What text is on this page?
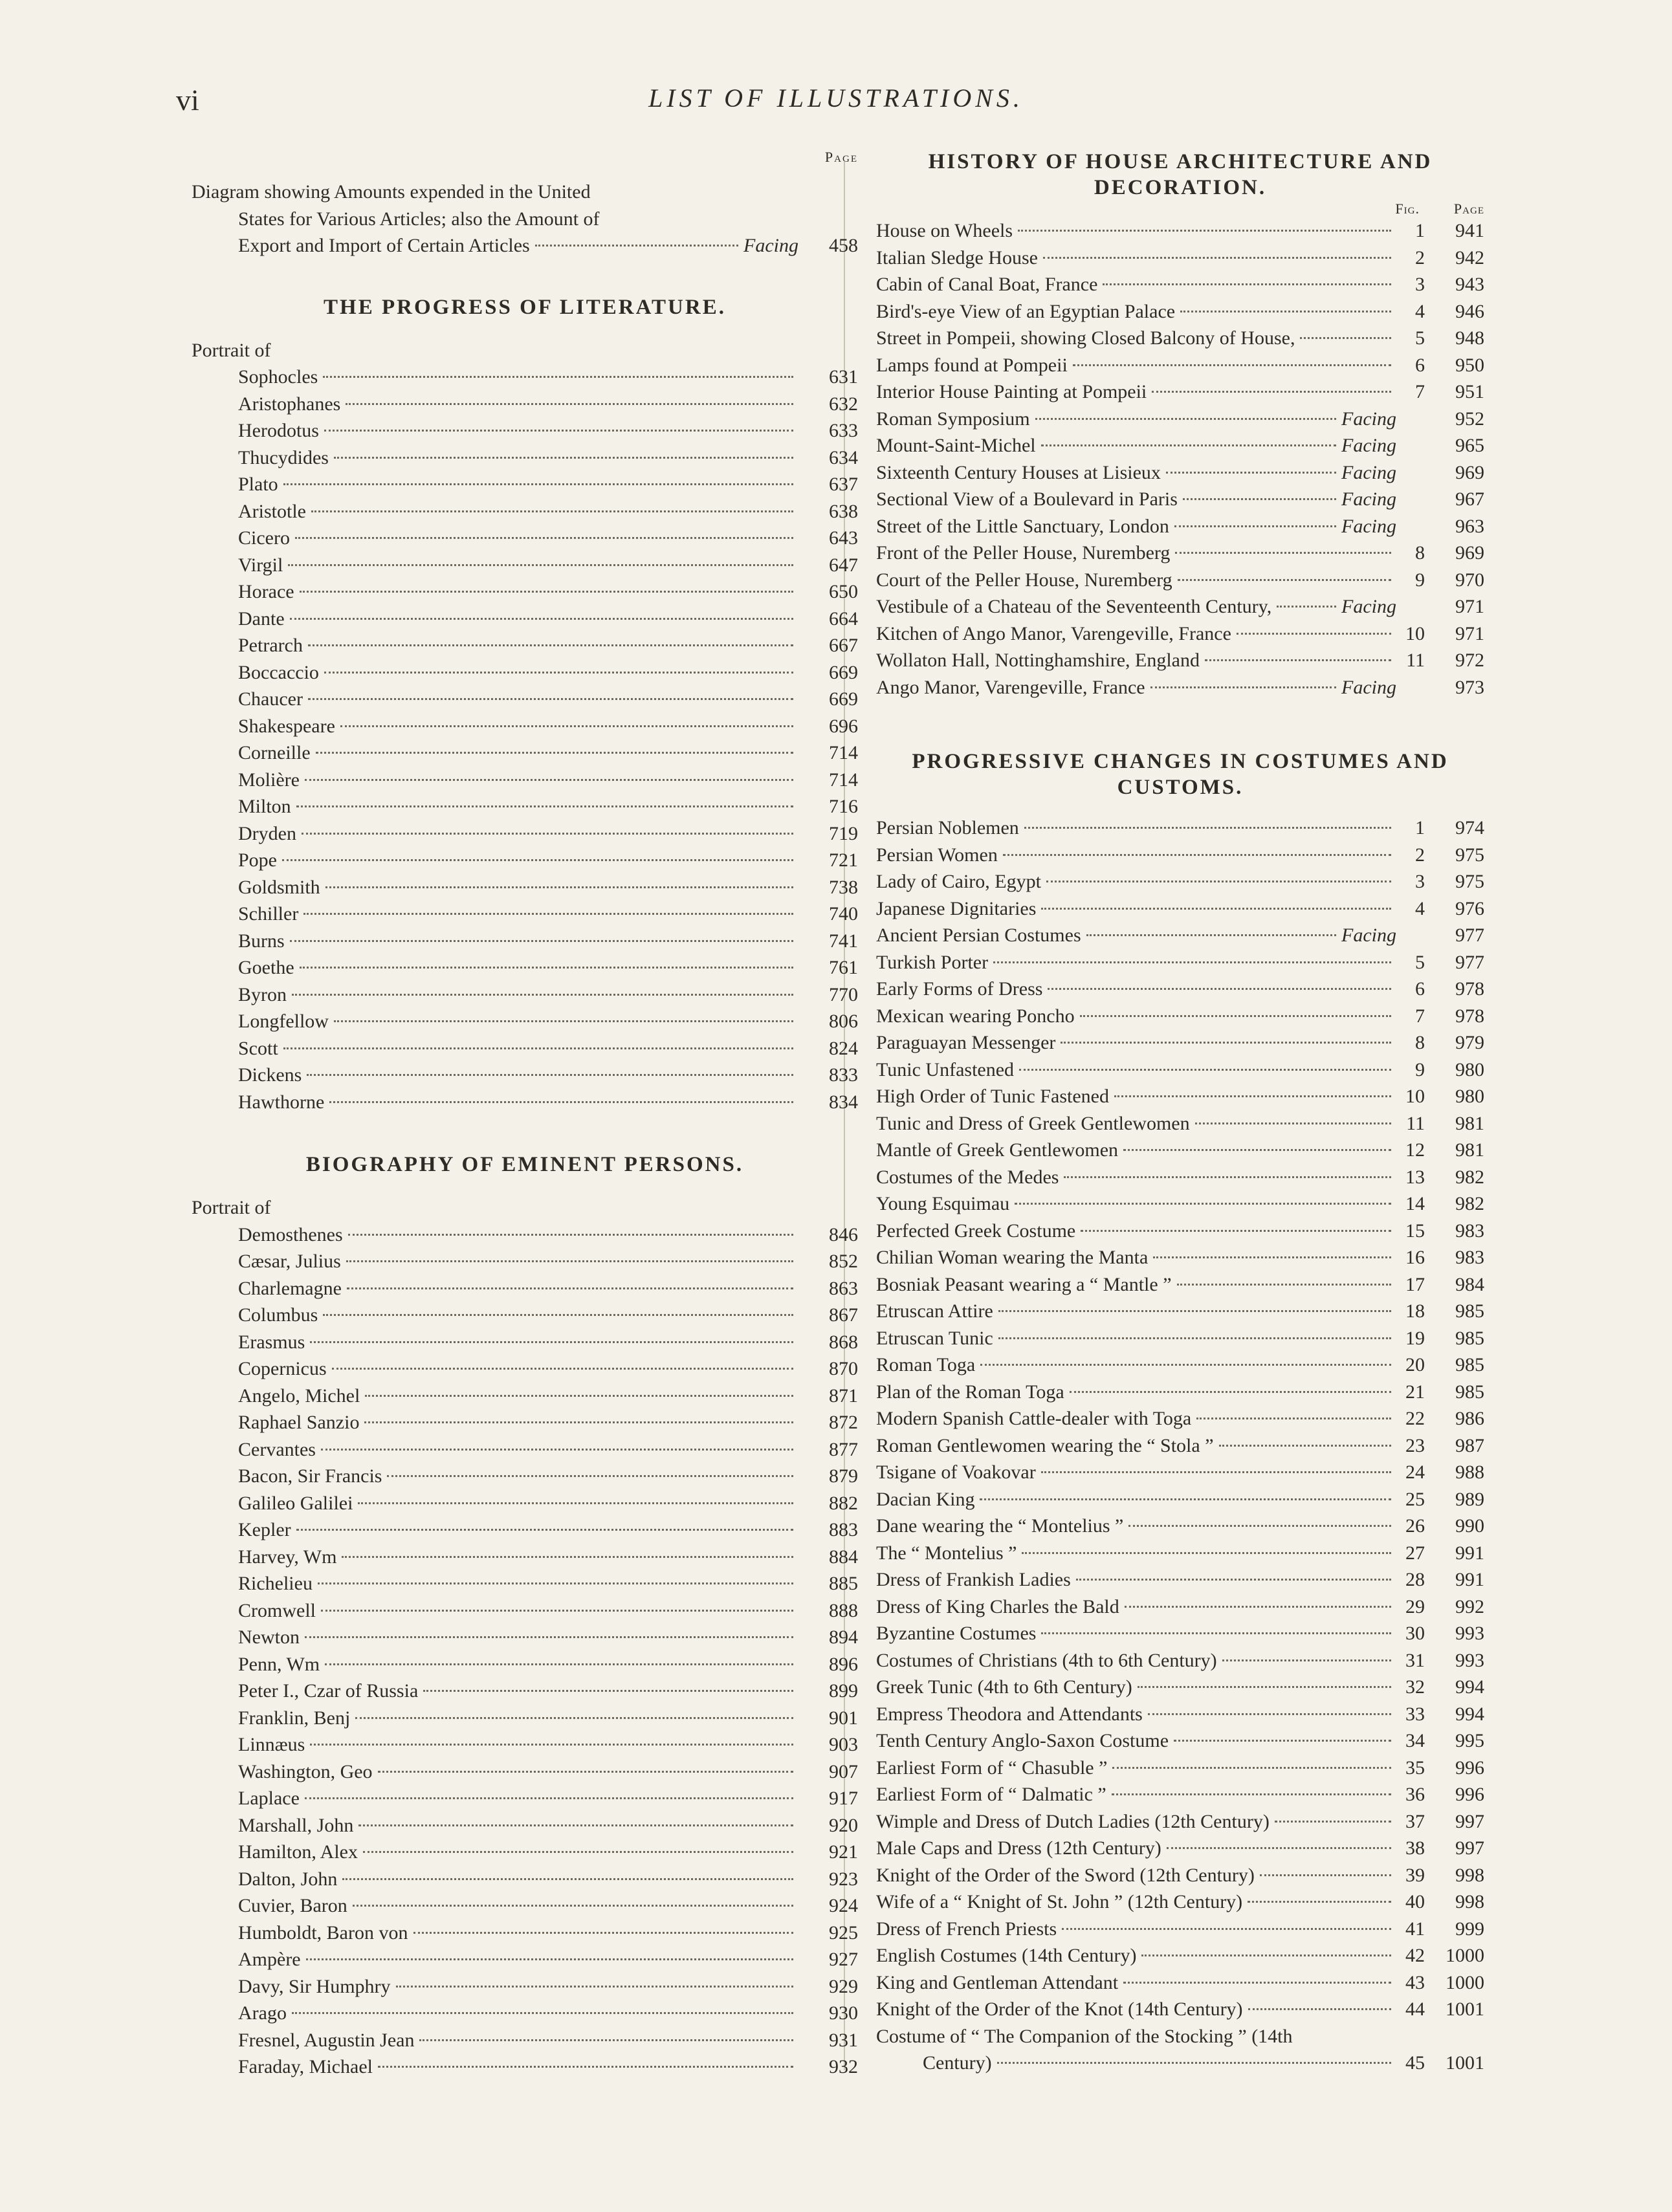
vi	LIST OF ILLUSTRATIONS.
Page
Diagram showing Amounts expended in the United
States for Various Articles; also the Amount of
Export and Import of Certain Articles	Facing	458
THE PROGRESS OF LITERATURE.
Portrait of
Sophocles	631
Aristophanes	632
Herodotus	633
Thucydides	634
Plato	637
Aristotle	638
Cicero	643
Virgil	647
Horace	650
Dante	664
Petrarch	667
Boccaccio	669
Chaucer	669
Shakespeare	696
Corneille	714
Molière	714
Milton	716
Dryden	719
Pope	721
Goldsmith	738
Schiller	740
Burns	741
Goethe	761
Byron	770
Longfellow	806
Scott	824
Dickens	833
Hawthorne	834
BIOGRAPHY OF EMINENT PERSONS.
Portrait of
Demosthenes	846
Cæsar, Julius	852
Charlemagne	863
Columbus	867
Erasmus	868
Copernicus	870
Angelo, Michel	871
Raphael Sanzio	872
Cervantes	877
Bacon, Sir Francis	879
Galileo Galilei	882
Kepler	883
Harvey, Wm	884
Richelieu	885
Cromwell	888
Newton	894
Penn, Wm	896
Peter I., Czar of Russia	899
Franklin, Benj	901
Linnæus	903
Washington, Geo	907
Laplace	917
Marshall, John	920
Hamilton, Alex	921
Dalton, John	923
Cuvier, Baron	924
Humboldt, Baron von	925
Ampère	927
Davy, Sir Humphry	929
Arago	930
Fresnel, Augustin Jean	931
Faraday, Michael	932
HISTORY OF HOUSE ARCHITECTURE AND
DECORATION.
Fig.	Page
House on Wheels	1	941
Italian Sledge House	2	942
Cabin of Canal Boat, France	3	943
Bird's-eye View of an Egyptian Palace	4	946
Street in Pompeii, showing Closed Balcony of House,	5	948
Lamps found at Pompeii	6	950
Interior House Painting at Pompeii	7	951
Roman Symposium	Facing	952
Mount-Saint-Michel	Facing	965
Sixteenth Century Houses at Lisieux	Facing	969
Sectional View of a Boulevard in Paris	Facing	967
Street of the Little Sanctuary, London	Facing	963
Front of the Peller House, Nuremberg	8	969
Court of the Peller House, Nuremberg	9	970
Vestibule of a Chateau of the Seventeenth Century,	Facing	971
Kitchen of Ango Manor, Varengeville, France	10	971
Wollaton Hall, Nottinghamshire, England	11	972
Ango Manor, Varengeville, France	Facing	973
PROGRESSIVE CHANGES IN COSTUMES AND
CUSTOMS.
Persian Noblemen	1	974
Persian Women	2	975
Lady of Cairo, Egypt	3	975
Japanese Dignitaries	4	976
Ancient Persian Costumes	Facing	977
Turkish Porter	5	977
Early Forms of Dress	6	978
Mexican wearing Poncho	7	978
Paraguayan Messenger	8	979
Tunic Unfastened	9	980
High Order of Tunic Fastened	10	980
Tunic and Dress of Greek Gentlewomen	11	981
Mantle of Greek Gentlewomen	12	981
Costumes of the Medes	13	982
Young Esquimau	14	982
Perfected Greek Costume	15	983
Chilian Woman wearing the Manta	16	983
Bosniak Peasant wearing a “ Mantle ”	17	984
Etruscan Attire	18	985
Etruscan Tunic	19	985
Roman Toga	20	985
Plan of the Roman Toga	21	985
Modern Spanish Cattle-dealer with Toga	22	986
Roman Gentlewomen wearing the “ Stola ”	23	987
Tsigane of Voakovar	24	988
Dacian King	25	989
Dane wearing the “ Montelius ”	26	990
The “ Montelius ”	27	991
Dress of Frankish Ladies	28	991
Dress of King Charles the Bald	29	992
Byzantine Costumes	30	993
Costumes of Christians (4th to 6th Century)	31	993
Greek Tunic (4th to 6th Century)	32	994
Empress Theodora and Attendants	33	994
Tenth Century Anglo-Saxon Costume	34	995
Earliest Form of “ Chasuble ”	35	996
Earliest Form of “ Dalmatic ”	36	996
Wimple and Dress of Dutch Ladies (12th Century)	37	997
Male Caps and Dress (12th Century)	38	997
Knight of the Order of the Sword (12th Century)	39	998
Wife of a “ Knight of St. John ” (12th Century)	40	998
Dress of French Priests	41	999
English Costumes (14th Century)	42	1000
King and Gentleman Attendant	43	1000
Knight of the Order of the Knot (14th Century)	44	1001
Costume of “ The Companion of the Stocking ” (14th
Century)	45	1001
